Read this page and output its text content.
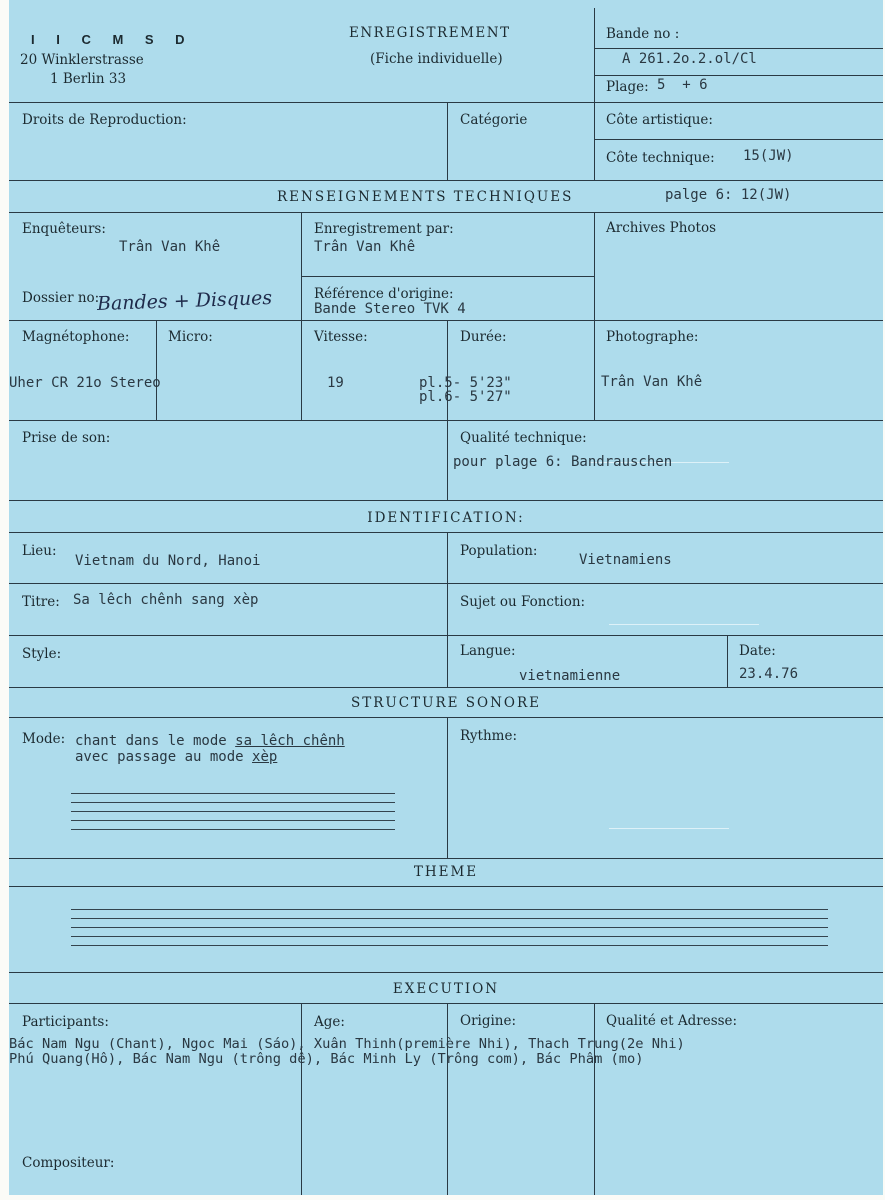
I I C M S D
20 Winklerstrasse
1 Berlin 33
ENREGISTREMENT
(Fiche individuelle)
Bande no :
A 261.2o.2.ol/Cl
Plage: 5  + 6
Droits de Reproduction:	Catégorie	Côte artistique:
Côte technique: 15(JW)
RENSEIGNEMENTS TECHNIQUES	palge 6: 12(JW)
Enquêteurs:
Trân Van Khê
Enregistrement par:
Trân Van Khê
Archives Photos
Dossier no:
Bandes + Disques	Référence d'origine:
Bande Stereo TVK 4
Magnétophone:	Micro:
Uher CR 21o Stereo
Vitesse:
19
Durée:
pl.5- 5'23"
pl.6- 5'27"
Photographe:
Trân Van Khê
Prise de son:	Qualité technique:
pour plage 6: Bandrauschen
IDENTIFICATION:
Lieu:
Vietnam du Nord, Hanoi
Population:
Vietnamiens
Titre: Sa lêch chênh sang xèp	Sujet ou Fonction:
Style:	Langue:
vietnamienne
Date:
23.4.76
STRUCTURE SONORE
Mode: chant dans le mode sa lêch chênh
avec passage au mode xèp
Rythme:
THEME
EXECUTION
Participants:	Age:	Origine:	Qualité et Adresse:
Bác Nam Ngu (Chant), Ngoc Mai (Sáo), Xuân Thinh(première Nhi), Thach Trung(2e Nhi)
Phú Quang(Hô), Bác Nam Ngu (trông dê), Bác Minh Ly (Trông com), Bác Phâm (mo)
Compositeur:
